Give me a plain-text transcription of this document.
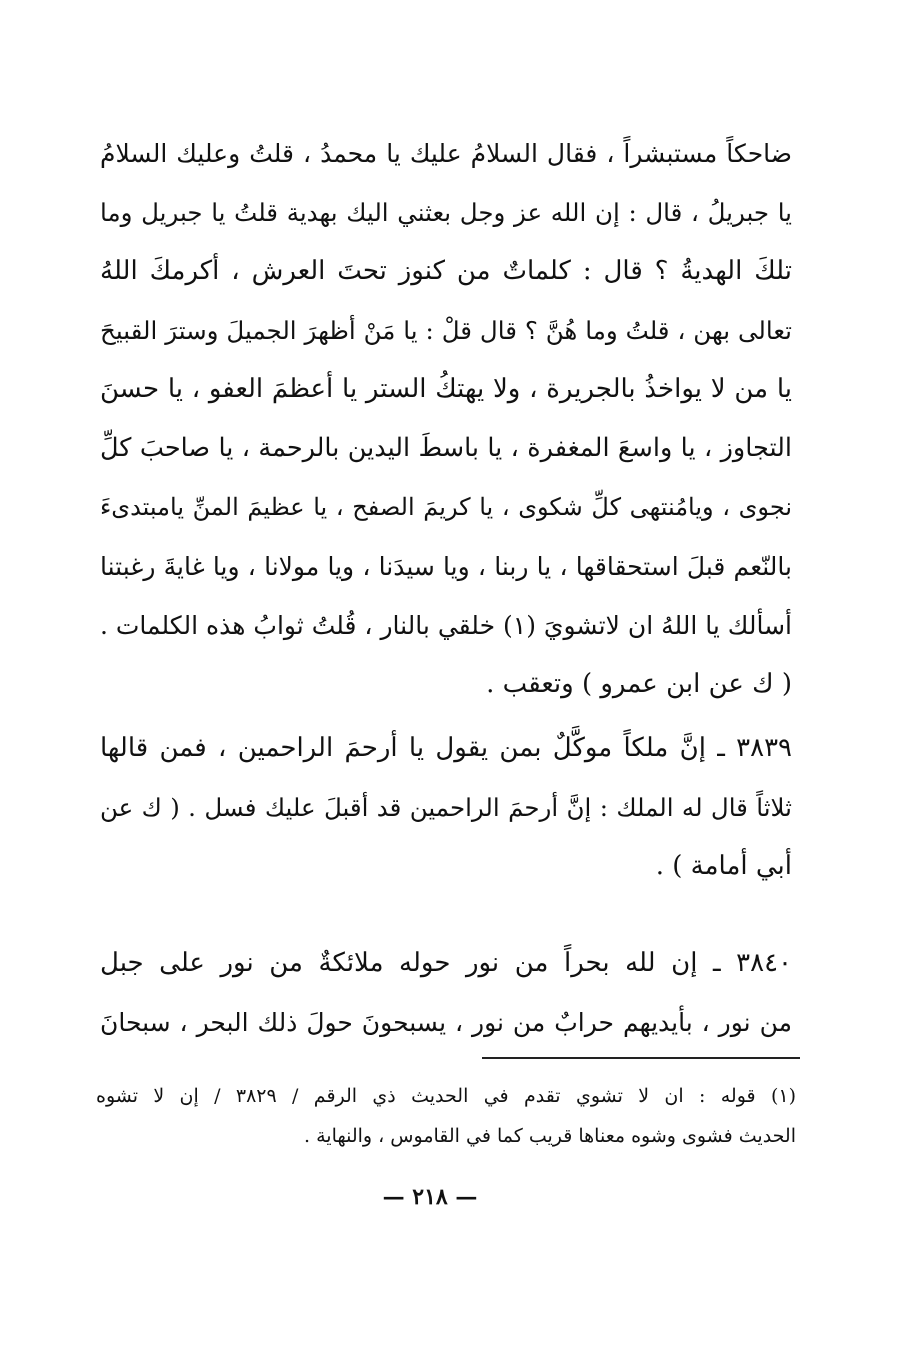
ضاحكاً مستبشراً ، فقال السلامُ عليك يا محمدُ ، قلتُ وعليك السلامُ
يا جبريلُ ، قال : إن الله عز وجل بعثني اليك بهدية قلتُ يا جبريل وما
تلكَ الهديةُ ؟ قال : كلماتٌ من كنوز تحتَ العرش ، أكرمكَ اللهُ
تعالى بهن ، قلتُ وما هُنَّ ؟ قال قلْ : يا مَنْ أظهرَ الجميلَ وسترَ القبيحَ
يا من لا يواخذُ بالجريرة ، ولا يهتكُ الستر يا أعظمَ العفو ، يا حسنَ
التجاوز ، يا واسعَ المغفرة ، يا باسطَ اليدين بالرحمة ، يا صاحبَ كلِّ
نجوى ، ويامُنتهى كلِّ شكوى ، يا كريمَ الصفح ، يا عظيمَ المنِّ يامبتدىءَ
بالنّعم قبلَ استحقاقها ، يا ربنا ، ويا سيدَنا ، ويا مولانا ، ويا غايةَ رغبتنا
أسألك يا اللهُ ان لاتشويَ (١) خلقي بالنار ، قُلتُ ثوابُ هذه الكلمات .
( ك عن ابن عمرو ) وتعقب .
٣٨٣٩ ـ إنَّ ملكاً موكَّلٌ بمن يقول يا أرحمَ الراحمين ، فمن قالها
ثلاثاً قال له الملك : إنَّ أرحمَ الراحمين قد أقبلَ عليك فسل . ( ك عن
أبي أمامة ) .
٣٨٤٠ ـ إن لله بحراً من نور حوله ملائكةٌ من نور على جبل
من نور ، بأيديهم حرابٌ من نور ، يسبحونَ حولَ ذلك البحر ، سبحانَ
(١) قوله : ان لا تشوي تقدم في الحديث ذي الرقم / ٣٨٢٩ / إن لا تشوه
الحديث فشوى وشوه معناها قريب كما في القاموس ، والنهاية .
— ٢١٨ —
